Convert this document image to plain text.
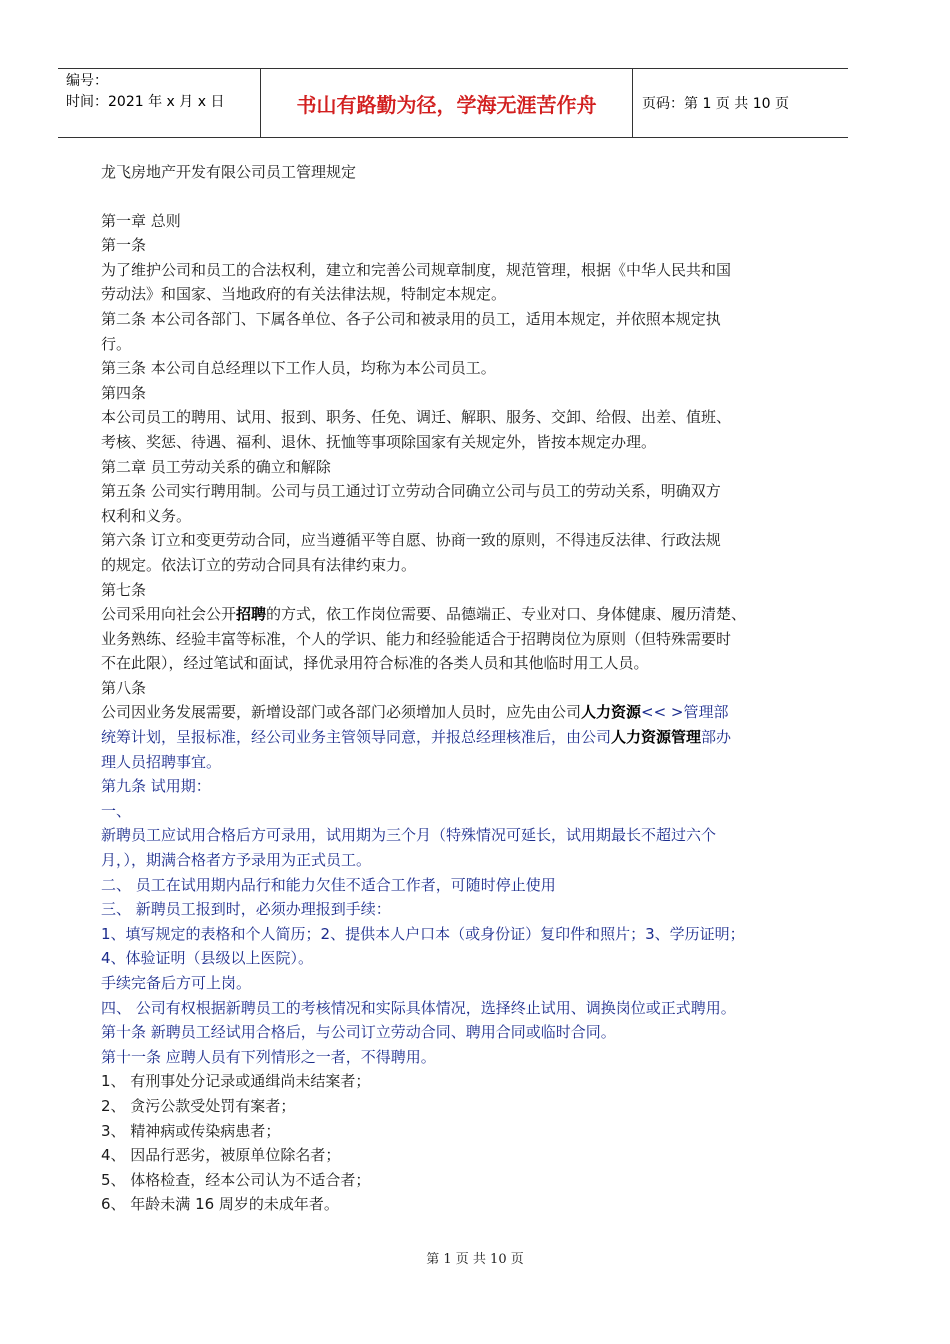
编号：
时间：2021 年 x 月 x 日	书山有路勤为径，学海无涯苦作舟	页码：第 1 页 共 10 页
龙飞房地产开发有限公司员工管理规定
第一章 总则
第一条
为了维护公司和员工的合法权利，建立和完善公司规章制度，规范管理，根据《中华人民共和国
劳动法》和国家、当地政府的有关法律法规，特制定本规定。
第二条 本公司各部门、下属各单位、各子公司和被录用的员工，适用本规定，并依照本规定执
行。
第三条 本公司自总经理以下工作人员，均称为本公司员工。
第四条
本公司员工的聘用、试用、报到、职务、任免、调迁、解职、服务、交卸、给假、出差、值班、
考核、奖惩、待遇、福利、退休、抚恤等事项除国家有关规定外，皆按本规定办理。
第二章 员工劳动关系的确立和解除
第五条 公司实行聘用制。公司与员工通过订立劳动合同确立公司与员工的劳动关系，明确双方
权利和义务。
第六条 订立和变更劳动合同，应当遵循平等自愿、协商一致的原则，不得违反法律、行政法规
的规定。依法订立的劳动合同具有法律约束力。
第七条
公司采用向社会公开招聘的方式，依工作岗位需要、品德端正、专业对口、身体健康、履历清楚、
业务熟练、经验丰富等标准，个人的学识、能力和经验能适合于招聘岗位为原则（但特殊需要时
不在此限），经过笔试和面试，择优录用符合标准的各类人员和其他临时用工人员。
第八条
公司因业务发展需要，新增设部门或各部门必须增加人员时，应先由公司人力资源<< >管理部
统筹计划，呈报标准，经公司业务主管领导同意，并报总经理核准后，由公司人力资源管理部办
理人员招聘事宜。
第九条 试用期：
一、
新聘员工应试用合格后方可录用，试用期为三个月（特殊情况可延长，试用期最长不超过六个
月，），期满合格者方予录用为正式员工。
二、 员工在试用期内品行和能力欠佳不适合工作者，可随时停止使用
三、 新聘员工报到时，必须办理报到手续：
1、填写规定的表格和个人简历；2、提供本人户口本（或身份证）复印件和照片；3、学历证明；
4、体验证明（县级以上医院）。
手续完备后方可上岗。
四、 公司有权根据新聘员工的考核情况和实际具体情况，选择终止试用、调换岗位或正式聘用。
第十条 新聘员工经试用合格后，与公司订立劳动合同、聘用合同或临时合同。
第十一条 应聘人员有下列情形之一者，不得聘用。
1、 有刑事处分记录或通缉尚未结案者；
2、 贪污公款受处罚有案者；
3、 精神病或传染病患者；
4、 因品行恶劣，被原单位除名者；
5、 体格检查，经本公司认为不适合者；
6、 年龄未满 16 周岁的未成年者。
第 1 页 共 10 页
